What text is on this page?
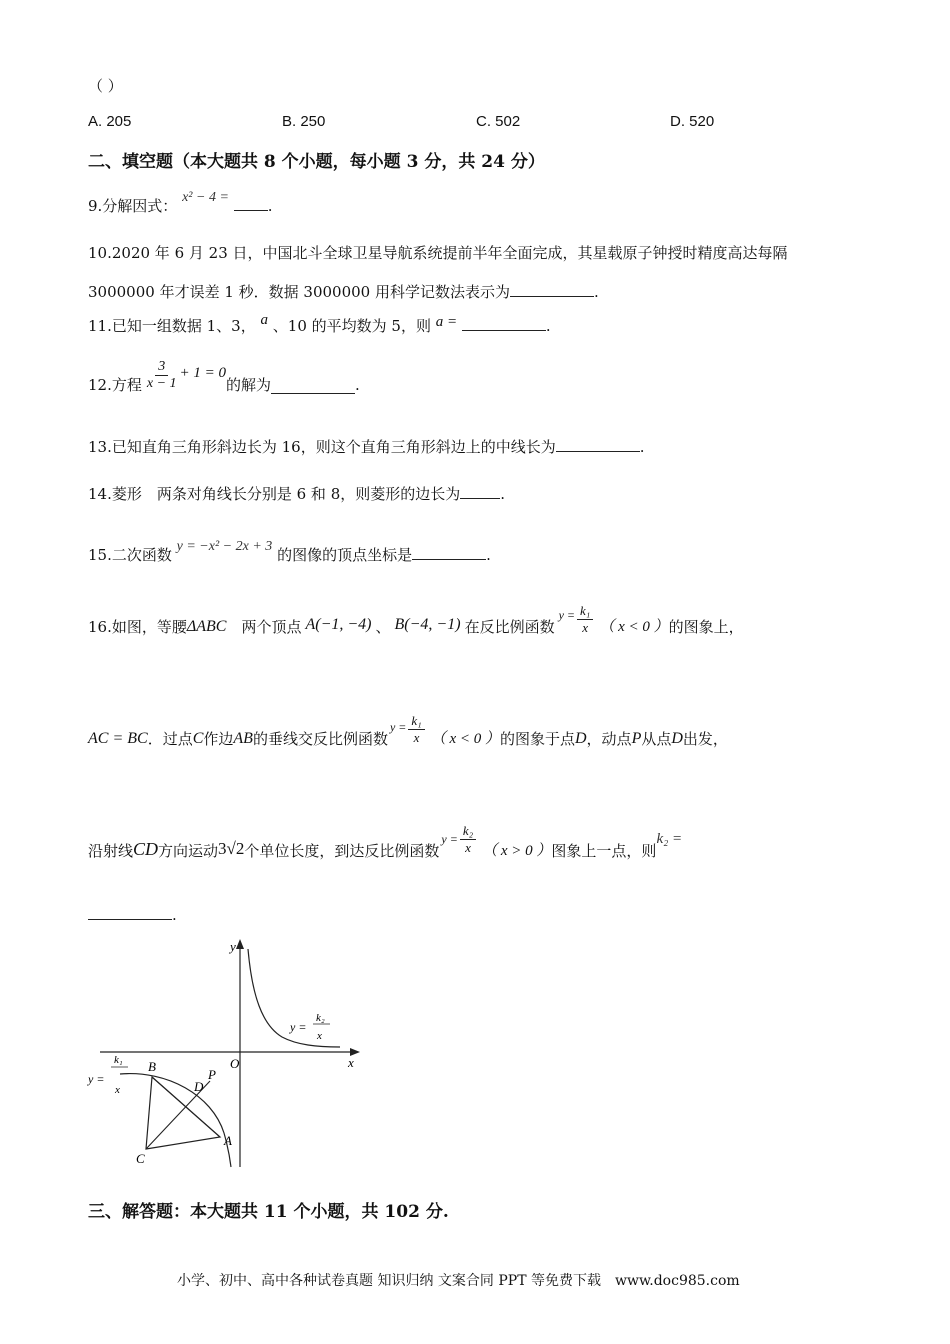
（ ）
A. 205	B. 250	C. 502	D. 520
二、填空题（本大题共 8 个小题，每小题 3 分，共 24 分）
9.分解因式： x² − 4 =	.
10.2020 年 6 月 23 日，中国北斗全球卫星导航系统提前半年全面完成，其星载原子钟授时精度高达每隔
3000000 年才误差 1 秒．数据 3000000 用科学记数法表示为	.
11.已知一组数据 1、3， a 、10 的平均数为 5，则 a =	.
12.方程 $\frac{3}{x - 1} + 1 = 0$
的解为	.
13.已知直角三角形斜边长为 16，则这个直角三角形斜边上的中线长为	.
14.菱形　两条对角线长分别是 6 和 8，则菱形的边长为	.
15.二次函数 y = −x² − 2x + 3 的图像的顶点坐标是	.
16.如图，等腰 ΔABC 　两个顶点 A(−1, −4) 、 B(−4, −1) 在反比例函数
$y = \frac{\text{k₁}}{x}$ （ x < 0 ） 的图象上，
AC = BC ．过点 C 作边 AB 的垂线交反比例函数
$y = \frac{\text{k₁}}{x}$ （ x < 0 ） 的图象于点 D ，动点 P 从点 D 出发，
沿射线 CD 方向运动 3√2 个单位长度，到达反比例函数
$y = \frac{\text{k₂}}{x}$ （ x > 0 ） 图象上一点，则
k₂ =
.
y
x
O
y =
k₂
x
y =
k₁
x
B
A
C
D
P
三、解答题：本大题共 11 个小题，共 102 分.
小学、初中、高中各种试卷真题 知识归纳 文案合同 PPT 等免费下载　www.doc985.com
